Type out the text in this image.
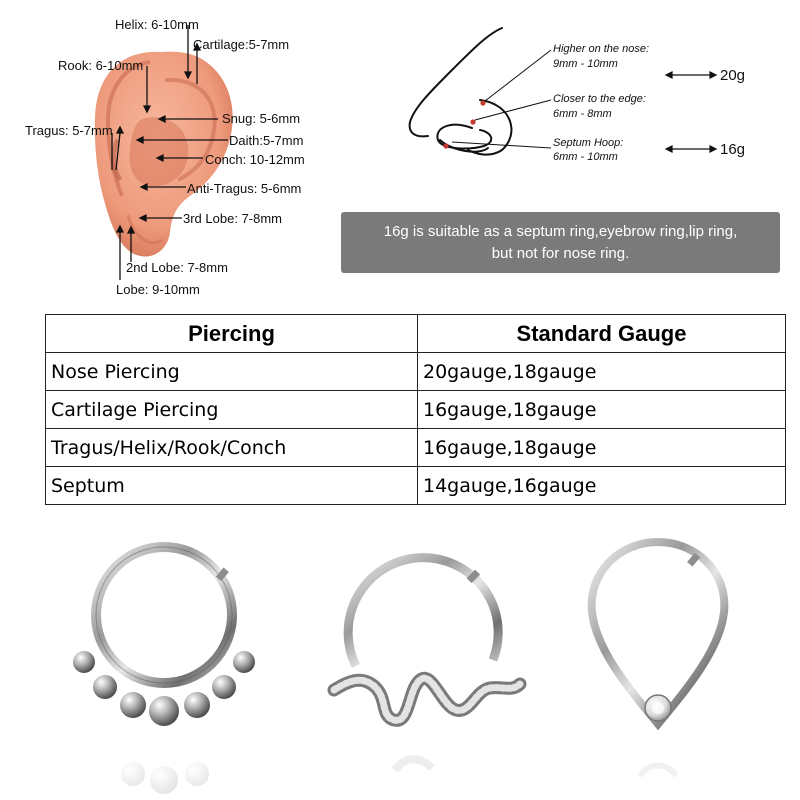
Helix: 6-10mm
Cartilage:5-7mm
Rook: 6-10mm
Tragus: 5-7mm
Snug: 5-6mm
Daith:5-7mm
Conch: 10-12mm
Anti-Tragus: 5-6mm
3rd Lobe: 7-8mm
2nd Lobe: 7-8mm
Lobe: 9-10mm
Higher on the nose:
9mm - 10mm
Closer to the edge:
6mm - 8mm
Septum Hoop:
6mm - 10mm
20g
16g
16g is suitable as a septum ring,eyebrow ring,lip ring,
but not for nose ring.
Piercing	Standard Gauge
Nose Piercing	20gauge,18gauge
Cartilage Piercing	16gauge,18gauge
Tragus/Helix/Rook/Conch	16gauge,18gauge
Septum	14gauge,16gauge
